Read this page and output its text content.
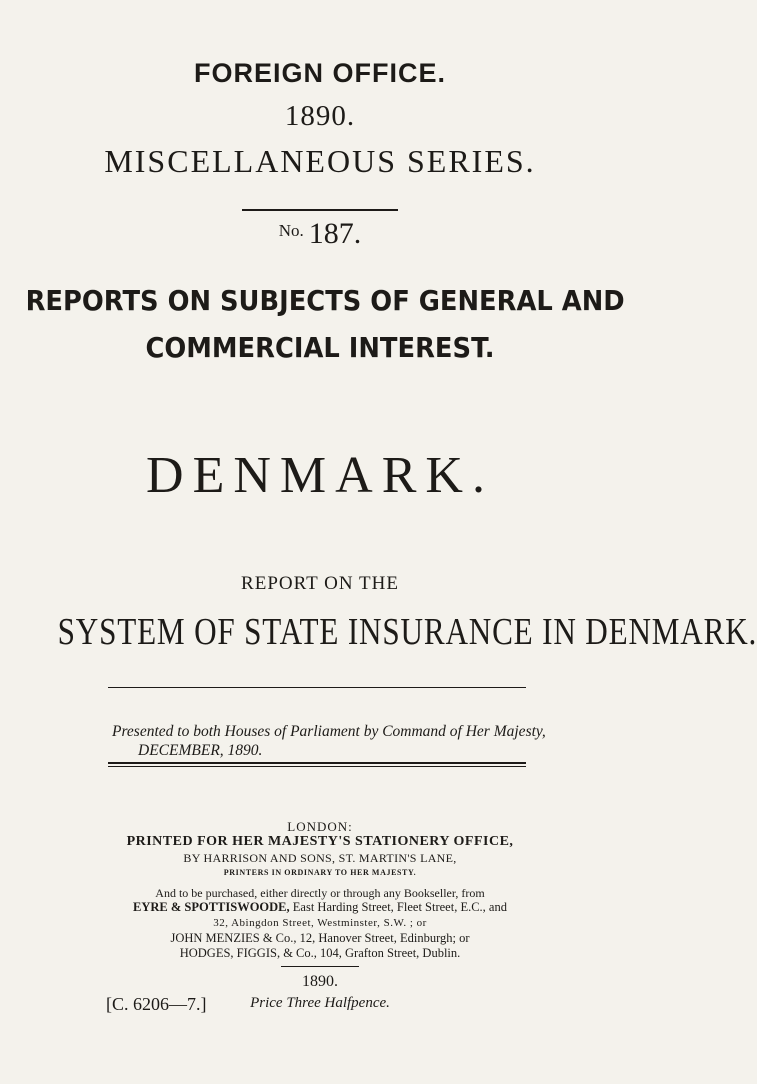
FOREIGN OFFICE.
1890.
MISCELLANEOUS SERIES.
$^{No.}$ 187.
REPORTS ON SUBJECTS OF GENERAL AND
COMMERCIAL INTEREST.
DENMARK.
REPORT ON THE
SYSTEM OF STATE INSURANCE IN DENMARK.
Presented to both Houses of Parliament by Command of Her Majesty,
DECEMBER, 1890.
LONDON:
PRINTED FOR HER MAJESTY'S STATIONERY OFFICE,
BY HARRISON AND SONS, ST. MARTIN'S LANE,
PRINTERS IN ORDINARY TO HER MAJESTY.
And to be purchased, either directly or through any Bookseller, from
EYRE & SPOTTISWOODE, East Harding Street, Fleet Street, E.C., and
32, Abingdon Street, Westminster, S.W. ; or
JOHN MENZIES & Co., 12, Hanover Street, Edinburgh; or
HODGES, FIGGIS, & Co., 104, Grafton Street, Dublin.
1890.
[C. 6206—7.]	Price Three Halfpence.
